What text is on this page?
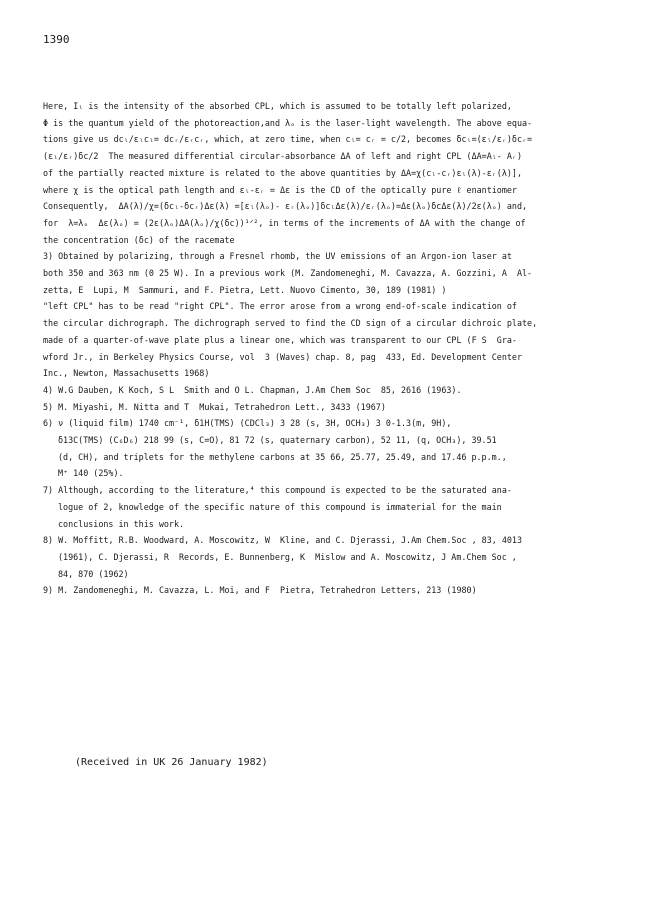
1390
Here, Iₗ is the intensity of the absorbed CPL, which is assumed to be totally left polarized,
Φ is the quantum yield of the photoreaction,and λₒ is the laser-light wavelength. The above equa-
tions give us dcₗ/εₗcₗ= dcᵣ/εᵣcᵣ, which, at zero time, when cₗ= cᵣ = c/2, becomes δcₗ=(εₗ/εᵣ)δcᵣ=
(εₗ/εᵣ)δc/2  The measured differential circular-absorbance ΔA of left and right CPL (ΔA=Aₗ- Aᵣ)
of the partially reacted mixture is related to the above quantities by ΔA=χ(cₗ-cᵣ)εₗ(λ)-εᵣ(λ)],
where χ is the optical path length and εₗ-εᵣ = Δε is the CD of the optically pure ℓ enantiomer
Consequently,  ΔA(λ)/χ=(δcₗ-δcᵣ)Δε(λ) =[εₗ(λₒ)- εᵣ(λₒ)]δcₗΔε(λ)/εᵣ(λₒ)=Δε(λₒ)δcΔε(λ)/2ε(λₒ) and,
for  λ=λₒ  Δε(λₒ) = (2ε(λₒ)ΔA(λₒ)/χ(δc))¹ᐟ², in terms of the increments of ΔA with the change of
the concentration (δc) of the racemate
3) Obtained by polarizing, through a Fresnel rhomb, the UV emissions of an Argon-ion laser at
both 350 and 363 nm (0 25 W). In a previous work (M. Zandomeneghi, M. Cavazza, A. Gozzini, A  Al-
zetta, E  Lupi, M  Sammuri, and F. Pietra, Lett. Nuovo Cimento, 30, 189 (1981) )
"left CPL" has to be read "right CPL". The error arose from a wrong end-of-scale indication of
the circular dichrograph. The dichrograph served to find the CD sign of a circular dichroic plate,
made of a quarter-of-wave plate plus a linear one, which was transparent to our CPL (F S  Gra-
wford Jr., in Berkeley Physics Course, vol  3 (Waves) chap. 8, pag  433, Ed. Development Center
Inc., Newton, Massachusetts 1968)
4) W.G Dauben, K Koch, S L  Smith and O L. Chapman, J.Am Chem Soc  85, 2616 (1963).
5) M. Miyashi, M. Nitta and T  Mukai, Tetrahedron Lett., 3433 (1967)
6) ν (liquid film) 1740 cm⁻¹, δ1H(TMS) (CDCl₃) 3 28 (s, 3H, OCH₃) 3 0-1.3(m, 9H),
δ13C(TMS) (C₆D₆) 218 99 (s, C=O), 81 72 (s, quaternary carbon), 52 11, (q, OCH₃), 39.51
(d, CH), and triplets for the methylene carbons at 35 66, 25.77, 25.49, and 17.46 p.p.m.,
M⁺ 140 (25%).
7) Although, according to the literature,⁴ this compound is expected to be the saturated ana-
logue of 2, knowledge of the specific nature of this compound is immaterial for the main
conclusions in this work.
8) W. Moffitt, R.B. Woodward, A. Moscowitz, W  Kline, and C. Djerassi, J.Am Chem.Soc , 83, 4013
(1961), C. Djerassi, R  Records, E. Bunnenberg, K  Mislow and A. Moscowitz, J Am.Chem Soc ,
84, 870 (1962)
9) M. Zandomeneghi, M. Cavazza, L. Moi, and F  Pietra, Tetrahedron Letters, 213 (1980)
(Received in UK 26 January 1982)
